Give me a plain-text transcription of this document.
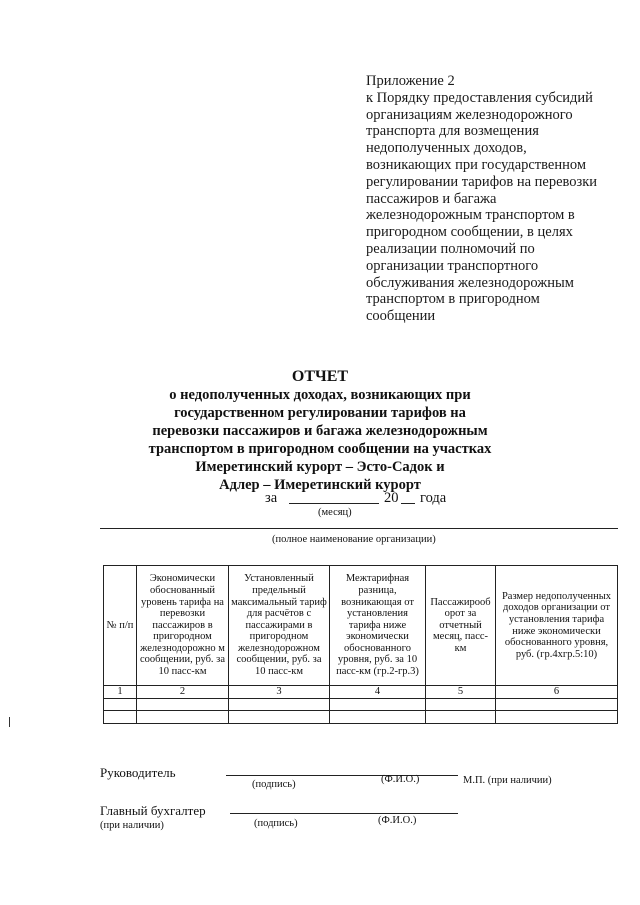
Приложение 2
к Порядку предоставления субсидий
организациям железнодорожного
транспорта для возмещения
недополученных доходов,
возникающих при государственном
регулировании тарифов на перевозки
пассажиров и багажа
железнодорожным транспортом в
пригородном сообщении, в целях
реализации полномочий по
организации транспортного
обслуживания железнодорожным
транспортом в пригородном
сообщении
ОТЧЕТ
о недополученных доходах, возникающих при
государственном регулировании тарифов на
перевозки пассажиров и багажа железнодорожным
транспортом в пригородном сообщении на участках
Имеретинский курорт – Эсто-Садок и
Адлер – Имеретинский курорт
за	20 года
(месяц)
(полное наименование организации)
№ п/п	Экономически обоснованный уровень тарифа на перевозки пассажиров в пригородном железнодорожно м сообщении, руб. за 10 пасс-км	Установленный предельный максимальный тариф для расчётов с пассажирами в пригородном железнодорожном сообщении, руб. за 10 пасс-км	Межтарифная разница, возникающая от установления тарифа ниже экономически обоснованного уровня, руб. за 10 пасс-км (гр.2-гр.3)	Пассажирооб орот за отчетный месяц, пасс-км	Размер недополученных доходов организации от установления тарифа ниже экономически обоснованного уровня, руб. (гр.4хгр.5:10)
1	2	3	4	5	6

Руководитель
(подпись)	(Ф.И.О.)	М.П. (при наличии)
Главный бухгалтер
(при наличии)	(подпись)	(Ф.И.О.)
